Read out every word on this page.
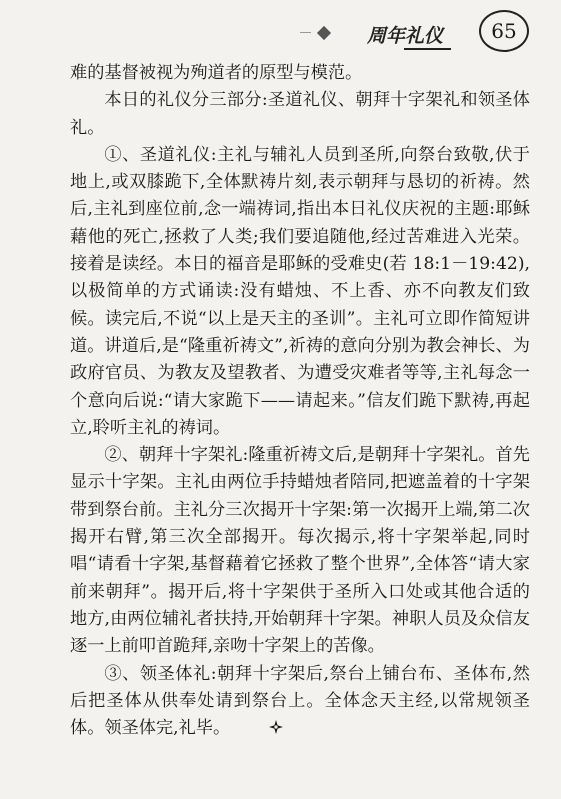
周年礼仪	65

难的基督被视为殉道者的原型与模范。

本日的礼仪分三部分:圣道礼仪、朝拜十字架礼和领圣体礼。

①、圣道礼仪:主礼与辅礼人员到圣所,向祭台致敬,伏于地上,或双膝跪下,全体默祷片刻,表示朝拜与恳切的祈祷。然后,主礼到座位前,念一端祷词,指出本日礼仪庆祝的主题:耶稣藉他的死亡,拯救了人类;我们要追随他,经过苦难进入光荣。接着是读经。本日的福音是耶稣的受难史(若 18:1－19:42),以极简单的方式诵读:没有蜡烛、不上香、亦不向教友们致候。读完后,不说“以上是天主的圣训”。主礼可立即作简短讲道。讲道后,是“隆重祈祷文”,祈祷的意向分别为教会神长、为政府官员、为教友及望教者、为遭受灾难者等等,主礼每念一个意向后说:“请大家跪下——请起来。”信友们跪下默祷,再起立,聆听主礼的祷词。

②、朝拜十字架礼:隆重祈祷文后,是朝拜十字架礼。首先显示十字架。主礼由两位手持蜡烛者陪同,把遮盖着的十字架带到祭台前。主礼分三次揭开十字架:第一次揭开上端,第二次揭开右臂,第三次全部揭开。每次揭示,将十字架举起,同时唱“请看十字架,基督藉着它拯救了整个世界”,全体答“请大家前来朝拜”。揭开后,将十字架供于圣所入口处或其他合适的地方,由两位辅礼者扶持,开始朝拜十字架。神职人员及众信友逐一上前叩首跪拜,亲吻十字架上的苦像。

③、领圣体礼:朝拜十字架后,祭台上铺台布、圣体布,然后把圣体从供奉处请到祭台上。全体念天主经,以常规领圣体。领圣体完,礼毕。
